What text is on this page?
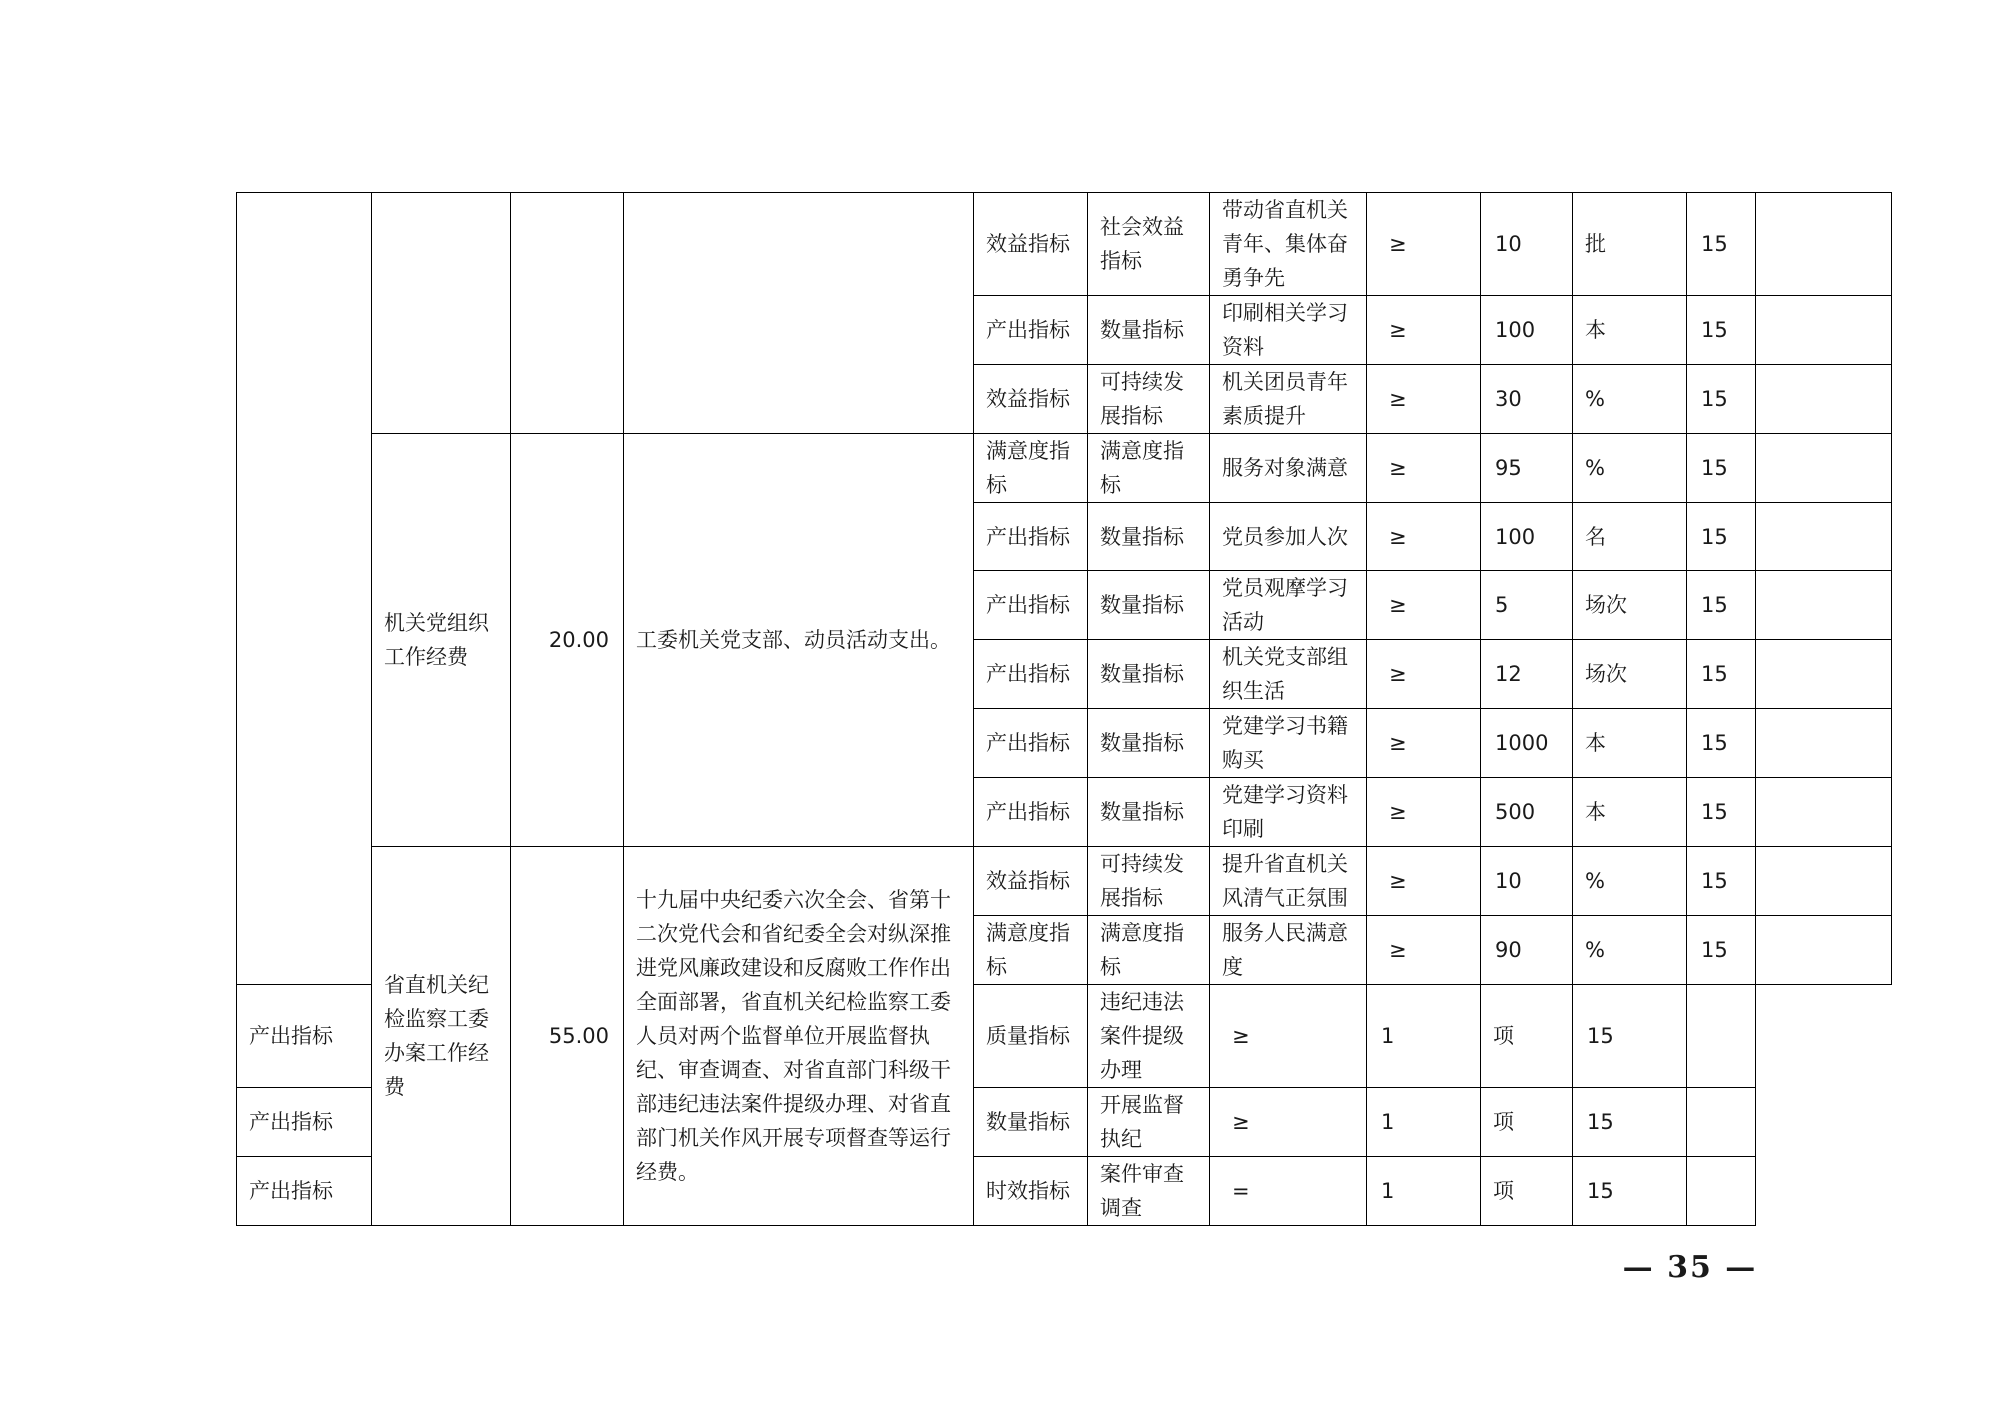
				效益指标	社会效益指标	带动省直机关青年、集体奋勇争先	≥	10	批	15	
				产出指标	数量指标	印刷相关学习资料	≥	100	本	15	
				效益指标	可持续发展指标	机关团员青年素质提升	≥	30	%	15	
	机关党组织工作经费	20.00	工委机关党支部、动员活动支出。	满意度指标	满意度指标	服务对象满意	≥	95	%	15	
				产出指标	数量指标	党员参加人次	≥	100	名	15	
				产出指标	数量指标	党员观摩学习活动	≥	5	场次	15	
				产出指标	数量指标	机关党支部组织生活	≥	12	场次	15	
				产出指标	数量指标	党建学习书籍购买	≥	1000	本	15	
				产出指标	数量指标	党建学习资料印刷	≥	500	本	15	
	省直机关纪检监察工委办案工作经费	55.00	十九届中央纪委六次全会、省第十二次党代会和省纪委全会对纵深推进党风廉政建设和反腐败工作作出全面部署，省直机关纪检监察工委人员对两个监督单位开展监督执纪、审查调查、对省直部门科级干部违纪违法案件提级办理、对省直部门机关作风开展专项督查等运行经费。	效益指标	可持续发展指标	提升省直机关风清气正氛围	≥	10	%	15	
				满意度指标	满意度指标	服务人民满意度	≥	90	%	15	
产出指标				质量指标	违纪违法案件提级办理	≥	1	项	15		
产出指标				数量指标	开展监督执纪	≥	1	项	15		
产出指标				时效指标	案件审查调查	=	1	项	15		
— 35 —
